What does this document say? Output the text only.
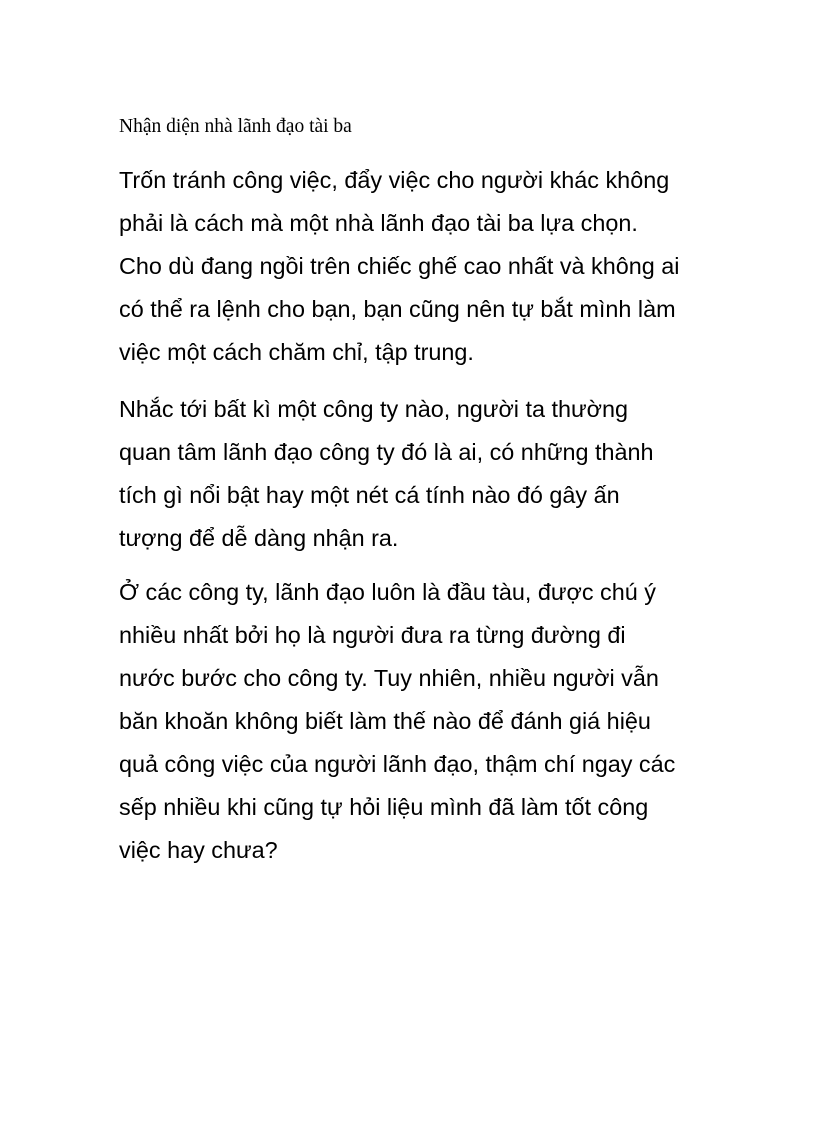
Nhận diện nhà lãnh đạo tài ba
Trốn tránh công việc, đẩy việc cho người khác không
phải là cách mà một nhà lãnh đạo tài ba lựa chọn.
Cho dù đang ngồi trên chiếc ghế cao nhất và không ai
có thể ra lệnh cho bạn, bạn cũng nên tự bắt mình làm
việc một cách chăm chỉ, tập trung.
Nhắc tới bất kì một công ty nào, người ta thường
quan tâm lãnh đạo công ty đó là ai, có những thành
tích gì nổi bật hay một nét cá tính nào đó gây ấn
tượng để dễ dàng nhận ra.
Ở các công ty, lãnh đạo luôn là đầu tàu, được chú ý
nhiều nhất bởi họ là người đưa ra từng đường đi
nước bước cho công ty. Tuy nhiên, nhiều người vẫn
băn khoăn không biết làm thế nào để đánh giá hiệu
quả công việc của người lãnh đạo, thậm chí ngay các
sếp nhiều khi cũng tự hỏi liệu mình đã làm tốt công
việc hay chưa?
